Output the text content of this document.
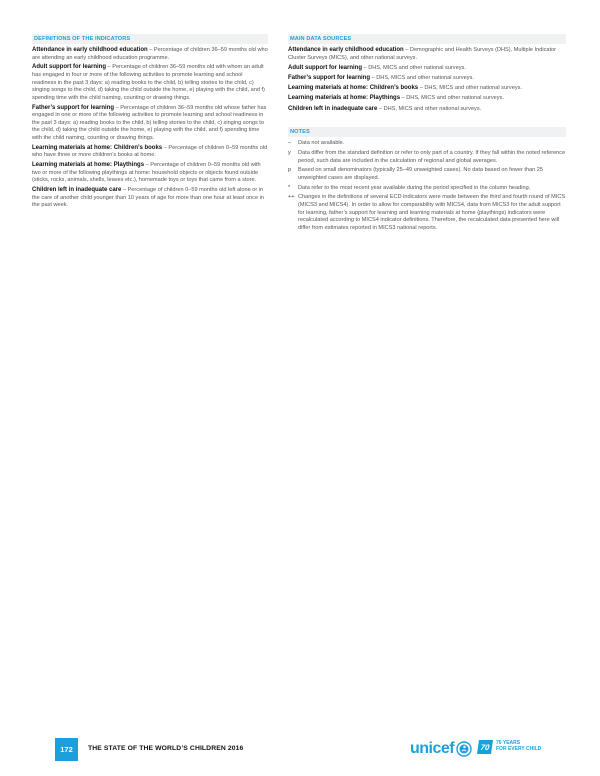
DEFINITIONS OF THE INDICATORS

Attendance in early childhood education – Percentage of children 36–59 months old who are attending an early childhood education programme.

Adult support for learning – Percentage of children 36–59 months old with whom an adult has engaged in four or more of the following activities to promote learning and school readiness in the past 3 days: a) reading books to the child, b) telling stories to the child, c) singing songs to the child, d) taking the child outside the home, e) playing with the child, and f) spending time with the child naming, counting or drawing things.

Father’s support for learning – Percentage of children 36–59 months old whose father has engaged in one or more of the following activities to promote learning and school readiness in the past 3 days: a) reading books to the child, b) telling stories to the child, c) singing songs to the child, d) taking the child outside the home, e) playing with the child, and f) spending time with the child naming, counting or drawing things.

Learning materials at home: Children’s books – Percentage of children 0–59 months old who have three or more children’s books at home.

Learning materials at home: Playthings – Percentage of children 0–59 months old with two or more of the following playthings at home: household objects or objects found outside (sticks, rocks, animals, shells, leaves etc.), homemade toys or toys that came from a store.

Children left in inadequate care – Percentage of children 0–59 months old left alone or in the care of another child younger than 10 years of age for more than one hour at least once in the past week.

MAIN DATA SOURCES

Attendance in early childhood education – Demographic and Health Surveys (DHS), Multiple Indicator Cluster Surveys (MICS), and other national surveys.

Adult support for learning – DHS, MICS and other national surveys.

Father’s support for learning – DHS, MICS and other national surveys.

Learning materials at home: Children’s books – DHS, MICS and other national surveys.

Learning materials at home: Playthings – DHS, MICS and other national surveys.

Children left in inadequate care – DHS, MICS and other national surveys.

NOTES
–	Data not available.
y	Data differ from the standard definition or refer to only part of a country. If they fall within the noted reference period, such data are included in the calculation of regional and global averages.
p	Based on small denominators (typically 25–49 unweighted cases). No data based on fewer than 25 unweighted cases are displayed.
*	Data refer to the most recent year available during the period specified in the column heading.
++ Changes in the definitions of several ECD indicators were made between the third and fourth round of MICS (MICS3 and MICS4). In order to allow for comparability with MICS4, data from MICS3 for the adult support for learning, father’s support for learning and learning materials at home (playthings) indicators were recalculated according to MICS4 indicator definitions. Therefore, the recalculated data presented here will differ from estimates reported in MICS3 national reports.
172	THE STATE OF THE WORLD’S CHILDREN 2016	unicef	70	70 YEARS
FOR EVERY CHILD
